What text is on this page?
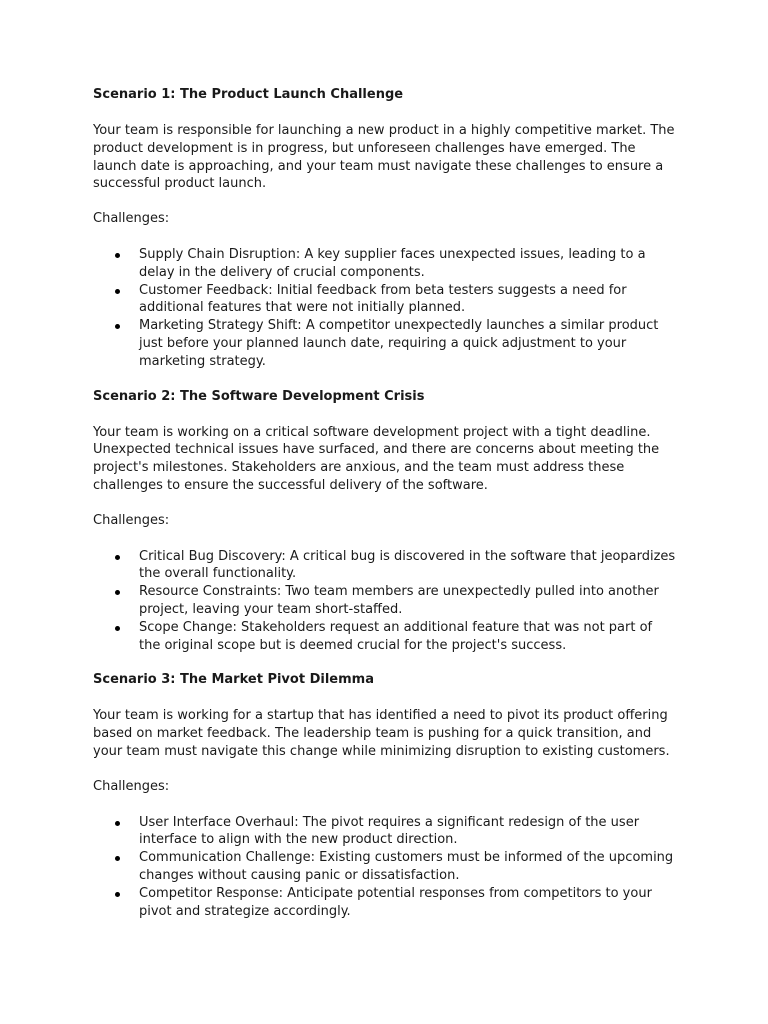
Scenario 1: The Product Launch Challenge

Your team is responsible for launching a new product in a highly competitive market. The product development is in progress, but unforeseen challenges have emerged. The launch date is approaching, and your team must navigate these challenges to ensure a successful product launch.

Challenges:

Supply Chain Disruption: A key supplier faces unexpected issues, leading to a delay in the delivery of crucial components.
Customer Feedback: Initial feedback from beta testers suggests a need for additional features that were not initially planned.
Marketing Strategy Shift: A competitor unexpectedly launches a similar product just before your planned launch date, requiring a quick adjustment to your marketing strategy.
Scenario 2: The Software Development Crisis

Your team is working on a critical software development project with a tight deadline. Unexpected technical issues have surfaced, and there are concerns about meeting the project's milestones. Stakeholders are anxious, and the team must address these challenges to ensure the successful delivery of the software.

Challenges:

Critical Bug Discovery: A critical bug is discovered in the software that jeopardizes the overall functionality.
Resource Constraints: Two team members are unexpectedly pulled into another project, leaving your team short-staffed.
Scope Change: Stakeholders request an additional feature that was not part of the original scope but is deemed crucial for the project's success.
Scenario 3: The Market Pivot Dilemma

Your team is working for a startup that has identified a need to pivot its product offering based on market feedback. The leadership team is pushing for a quick transition, and your team must navigate this change while minimizing disruption to existing customers.

Challenges:

User Interface Overhaul: The pivot requires a significant redesign of the user interface to align with the new product direction.
Communication Challenge: Existing customers must be informed of the upcoming changes without causing panic or dissatisfaction.
Competitor Response: Anticipate potential responses from competitors to your pivot and strategize accordingly.
